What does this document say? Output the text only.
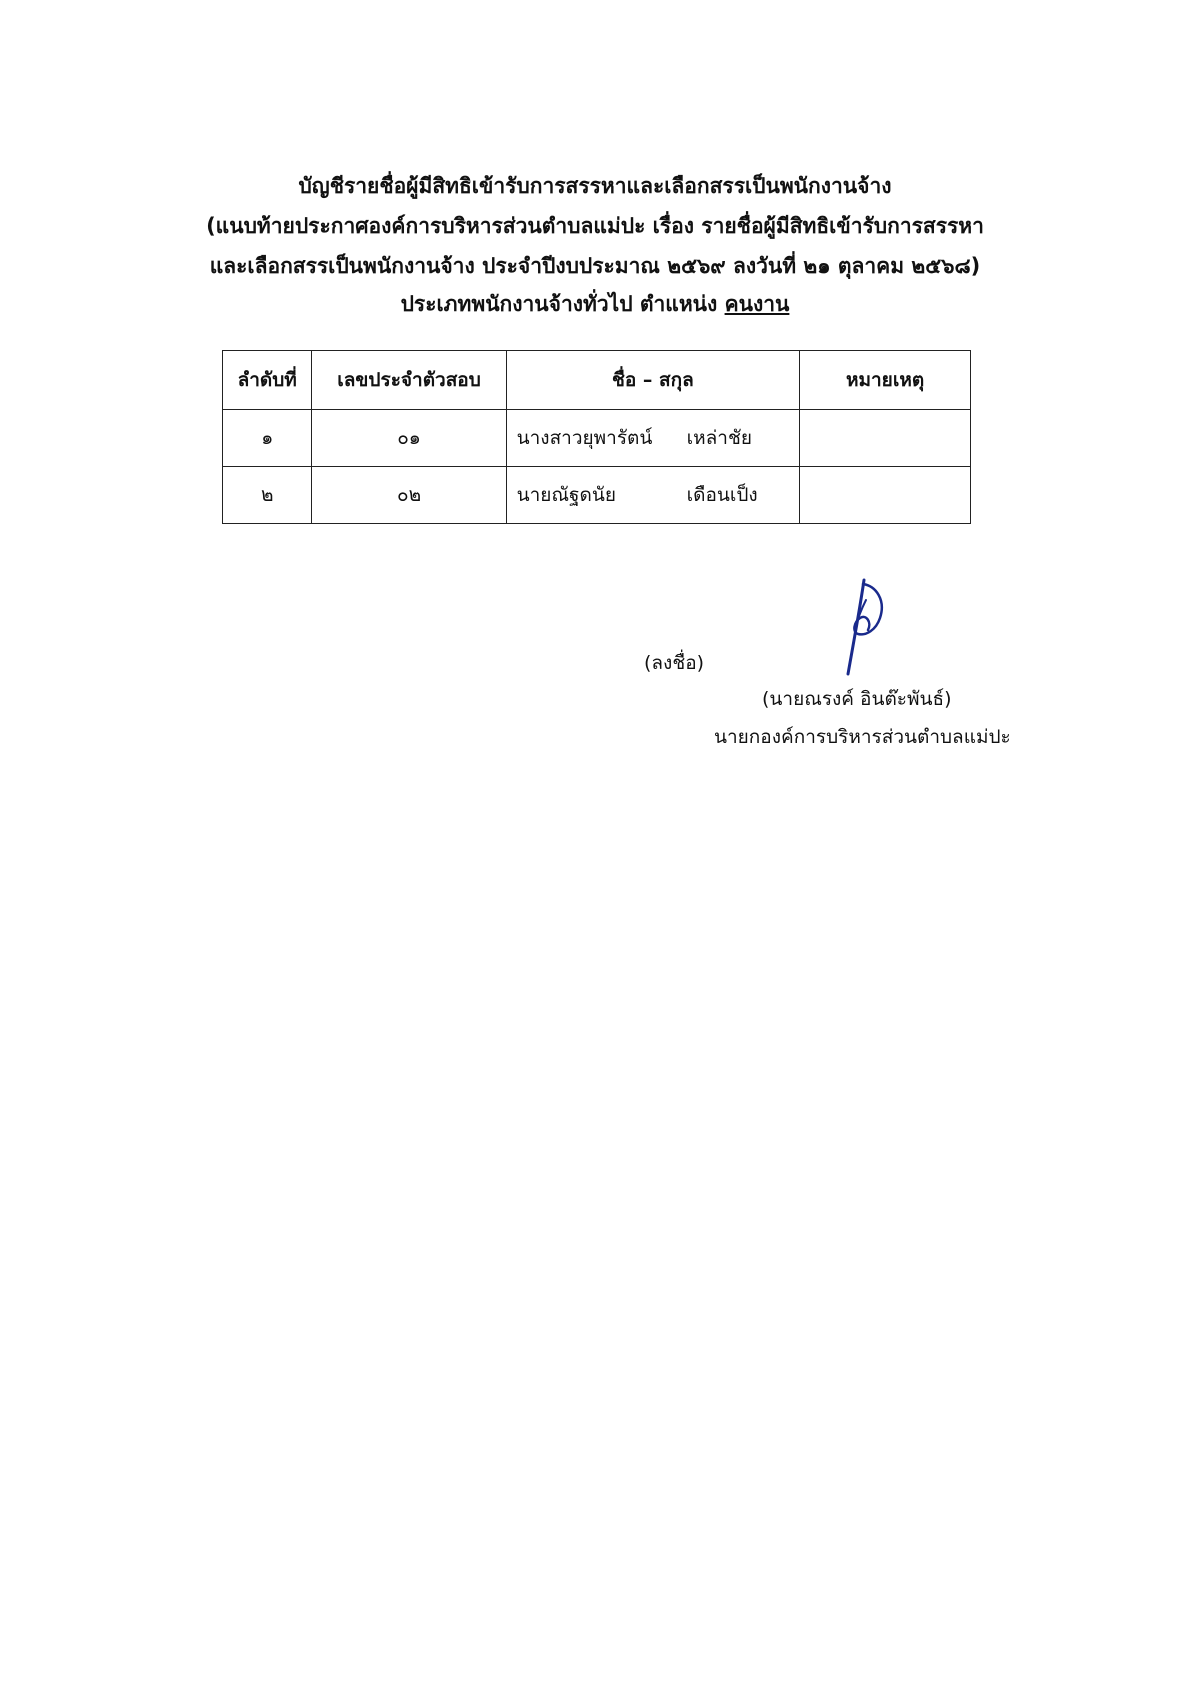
บัญชีรายชื่อผู้มีสิทธิเข้ารับการสรรหาและเลือกสรรเป็นพนักงานจ้าง
(แนบท้ายประกาศองค์การบริหารส่วนตำบลแม่ปะ เรื่อง รายชื่อผู้มีสิทธิเข้ารับการสรรหา
และเลือกสรรเป็นพนักงานจ้าง ประจำปีงบประมาณ ๒๕๖๙ ลงวันที่ ๒๑ ตุลาคม ๒๕๖๘)
ประเภทพนักงานจ้างทั่วไป ตำแหน่ง คนงาน
ลำดับที่	เลขประจำตัวสอบ	ชื่อ – สกุล	หมายเหตุ
๑	๐๑	นางสาวยุพารัตน์ เหล่าชัย	
๒	๐๒	นายณัฐดนัย เดือนเป็ง	
(ลงชื่อ)
(นายณรงค์ อินต๊ะพันธ์)
นายกองค์การบริหารส่วนตำบลแม่ปะ
